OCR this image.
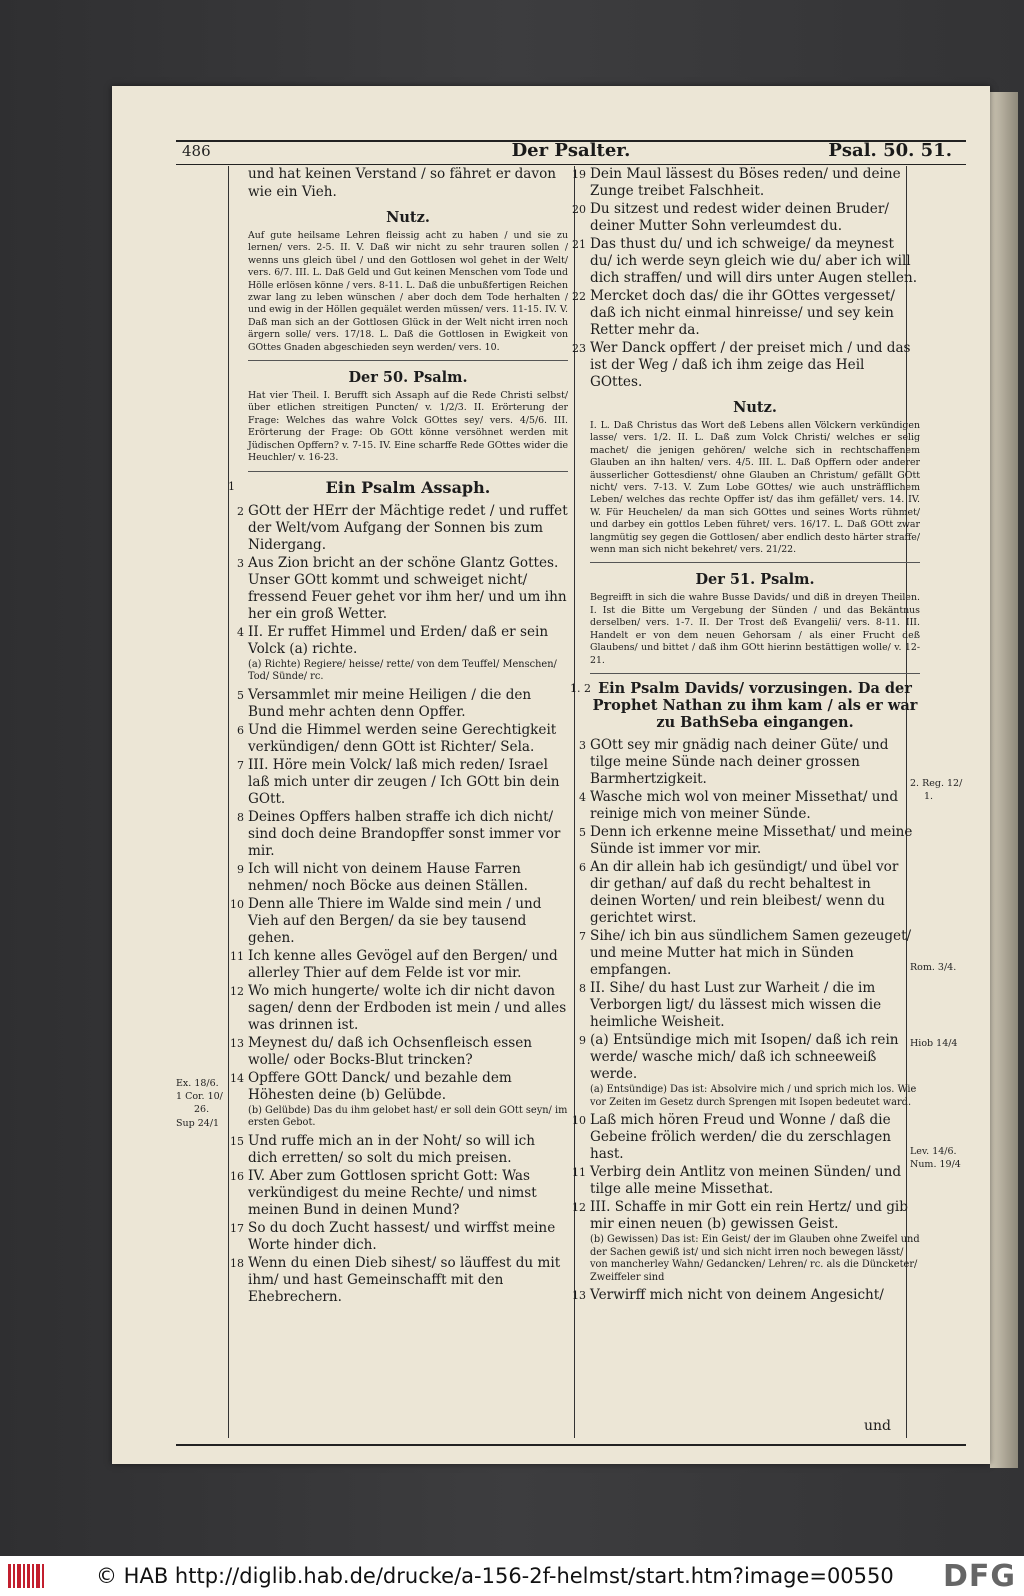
486	Der Psalter.	Psal. 50. 51.
Ex. 18/6.
1 Cor. 10/
26.
Sup 24/1
2. Reg. 12/
1.
Rom. 3/4.
Hiob 14/4
Lev. 14/6.
Num. 19/4
und hat keinen Verstand / so fähret er davon
wie ein Vieh.
Nutz.
Auf gute heilsame Lehren fleissig acht zu haben / und sie zu lernen/ vers. 2-5. II. V. Daß wir nicht zu sehr trauren sollen / wenns uns gleich übel / und den Gottlosen wol gehet in der Welt/ vers. 6/7. III. L. Daß Geld und Gut keinen Menschen vom Tode und Hölle erlösen könne / vers. 8-11. L. Daß die unbußfertigen Reichen zwar lang zu leben wünschen / aber doch dem Tode herhalten / und ewig in der Höllen gequälet werden müssen/ vers. 11-15. IV. V. Daß man sich an der Gottlosen Glück in der Welt nicht irren noch ärgern solle/ vers. 17/18. L. Daß die Gottlosen in Ewigkeit von GOttes Gnaden abgeschieden seyn werden/ vers. 10.
Der 50. Psalm.
Hat vier Theil. I. Berufft sich Assaph auf die Rede Christi selbst/ über etlichen streitigen Puncten/ v. 1/2/3. II. Erörterung der Frage: Welches das wahre Volck GOttes sey/ vers. 4/5/6. III. Erörterung der Frage: Ob GOtt könne versöhnet werden mit Jüdischen Opffern? v. 7-15. IV. Eine scharffe Rede GOttes wider die Heuchler/ v. 16-23.
1	Ein Psalm Assaph.
2 GOtt der HErr der Mächtige redet / und ruffet der Welt/vom Aufgang der Sonnen bis zum Nidergang.
3 Aus Zion bricht an der schöne Glantz Gottes. Unser GOtt kommt und schweiget nicht/ fressend Feuer gehet vor ihm her/ und um ihn her ein groß Wetter.
4 II. Er ruffet Himmel und Erden/ daß er sein Volck (a) richte.
(a) Richte) Regiere/ heisse/ rette/ von dem Teuffel/ Menschen/ Tod/ Sünde/ rc.
5 Versammlet mir meine Heiligen / die den Bund mehr achten denn Opffer.
6 Und die Himmel werden seine Gerechtigkeit verkündigen/ denn GOtt ist Richter/ Sela.
7 III. Höre mein Volck/ laß mich reden/ Israel laß mich unter dir zeugen / Ich GOtt bin dein GOtt.
8 Deines Opffers halben straffe ich dich nicht/ sind doch deine Brandopffer sonst immer vor mir.
9 Ich will nicht von deinem Hause Farren nehmen/ noch Böcke aus deinen Ställen.
10 Denn alle Thiere im Walde sind mein / und Vieh auf den Bergen/ da sie bey tausend gehen.
11 Ich kenne alles Gevögel auf den Bergen/ und allerley Thier auf dem Felde ist vor mir.
12 Wo mich hungerte/ wolte ich dir nicht davon sagen/ denn der Erdboden ist mein / und alles was drinnen ist.
13 Meynest du/ daß ich Ochsenfleisch essen wolle/ oder Bocks-Blut trincken?
14 Opffere GOtt Danck/ und bezahle dem Höhesten deine (b) Gelübde.
(b) Gelübde) Das du ihm gelobet hast/ er soll dein GOtt seyn/ im ersten Gebot.
15 Und ruffe mich an in der Noht/ so will ich dich erretten/ so solt du mich preisen.
16 IV. Aber zum Gottlosen spricht Gott: Was verkündigest du meine Rechte/ und nimst meinen Bund in deinen Mund?
17 So du doch Zucht hassest/ und wirffst meine Worte hinder dich.
18 Wenn du einen Dieb sihest/ so läuffest du mit ihm/ und hast Gemeinschafft mit den Ehebrechern.
19 Dein Maul lässest du Böses reden/ und deine Zunge treibet Falschheit.
20 Du sitzest und redest wider deinen Bruder/ deiner Mutter Sohn verleumdest du.
21 Das thust du/ und ich schweige/ da meynest du/ ich werde seyn gleich wie du/ aber ich will dich straffen/ und will dirs unter Augen stellen.
22 Mercket doch das/ die ihr GOttes vergesset/ daß ich nicht einmal hinreisse/ und sey kein Retter mehr da.
23 Wer Danck opffert / der preiset mich / und das ist der Weg / daß ich ihm zeige das Heil GOttes.
Nutz.
I. L. Daß Christus das Wort deß Lebens allen Völckern verkündigen lasse/ vers. 1/2. II. L. Daß zum Volck Christi/ welches er selig machet/ die jenigen gehören/ welche sich in rechtschaffenem Glauben an ihn halten/ vers. 4/5. III. L. Daß Opffern oder anderer äusserlicher Gottesdienst/ ohne Glauben an Christum/ gefällt GOtt nicht/ vers. 7-13. V. Zum Lobe GOttes/ wie auch unsträfflichem Leben/ welches das rechte Opffer ist/ das ihm gefället/ vers. 14. IV. W. Für Heuchelen/ da man sich GOttes und seines Worts rühmet/ und darbey ein gottlos Leben führet/ vers. 16/17. L. Daß GOtt zwar langmütig sey gegen die Gottlosen/ aber endlich desto härter straffe/ wenn man sich nicht bekehret/ vers. 21/22.
Der 51. Psalm.
Begreifft in sich die wahre Busse Davids/ und diß in dreyen Theilen. I. Ist die Bitte um Vergebung der Sünden / und das Bekäntnus derselben/ vers. 1-7. II. Der Trost deß Evangelii/ vers. 8-11. III. Handelt er von dem neuen Gehorsam / als einer Frucht deß Glaubens/ und bittet / daß ihm GOtt hierinn bestättigen wolle/ v. 12-21.
1. 2 Ein Psalm Davids/ vorzusingen. Da der Prophet Nathan zu ihm kam / als er war zu BathSeba eingangen.
3 GOtt sey mir gnädig nach deiner Güte/ und tilge meine Sünde nach deiner grossen Barmhertzigkeit.
4 Wasche mich wol von meiner Missethat/ und reinige mich von meiner Sünde.
5 Denn ich erkenne meine Missethat/ und meine Sünde ist immer vor mir.
6 An dir allein hab ich gesündigt/ und übel vor dir gethan/ auf daß du recht behaltest in deinen Worten/ und rein bleibest/ wenn du gerichtet wirst.
7 Sihe/ ich bin aus sündlichem Samen gezeuget/ und meine Mutter hat mich in Sünden empfangen.
8 II. Sihe/ du hast Lust zur Warheit / die im Verborgen ligt/ du lässest mich wissen die heimliche Weisheit.
9 (a) Entsündige mich mit Isopen/ daß ich rein werde/ wasche mich/ daß ich schneeweiß werde.
(a) Entsündige) Das ist: Absolvire mich / und sprich mich los. Wie vor Zeiten im Gesetz durch Sprengen mit Isopen bedeutet ward.
10 Laß mich hören Freud und Wonne / daß die Gebeine frölich werden/ die du zerschlagen hast.
11 Verbirg dein Antlitz von meinen Sünden/ und tilge alle meine Missethat.
12 III. Schaffe in mir Gott ein rein Hertz/ und gib mir einen neuen (b) gewissen Geist.
(b) Gewissen) Das ist: Ein Geist/ der im Glauben ohne Zweifel und der Sachen gewiß ist/ und sich nicht irren noch bewegen lässt/ von mancherley Wahn/ Gedancken/ Lehren/ rc. als die Düncketer/ Zweiffeler sind
13 Verwirff mich nicht von deinem Angesicht/
und
© HAB http://diglib.hab.de/drucke/a-156-2f-helmst/start.htm?image=00550 DFG
